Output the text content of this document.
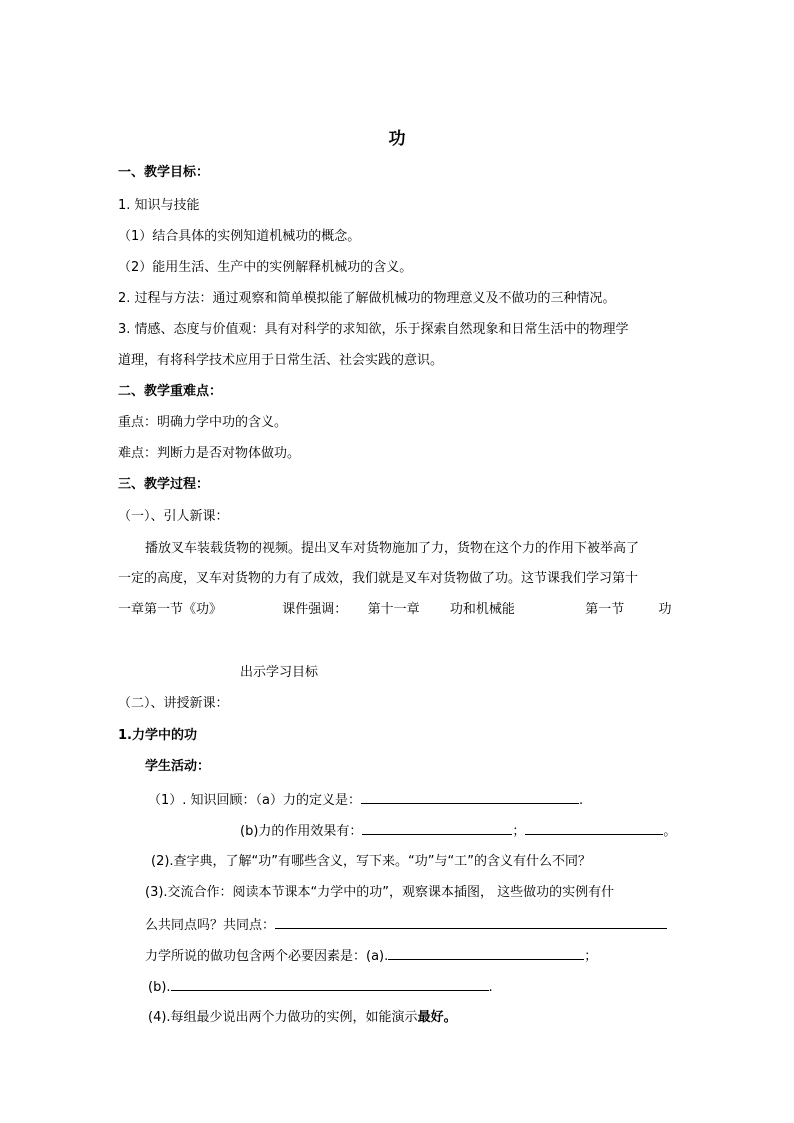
功
一、教学目标：
1. 知识与技能
（1）结合具体的实例知道机械功的概念。
（2）能用生活、生产中的实例解释机械功的含义。
2. 过程与方法：通过观察和简单模拟能了解做机械功的物理意义及不做功的三种情况。
3. 情感、态度与价值观：具有对科学的求知欲，乐于探索自然现象和日常生活中的物理学
道理，有将科学技术应用于日常生活、社会实践的意识。
二、教学重难点：
重点：明确力学中功的含义。
难点：判断力是否对物体做功。
三、教学过程：
（一）、引人新课：
播放叉车装载货物的视频。提出叉车对货物施加了力，货物在这个力的作用下被举高了
一定的高度，叉车对货物的力有了成效，我们就是叉车对货物做了功。这节课我们学习第十
一章第一节《功》	课件强调： 第十一章 功和机械能	第一节	功
出示学习目标
（二）、讲授新课：
1.力学中的功
学生活动：
（1）. 知识回顾：（a）力的定义是：	.
(b)力的作用效果有：	；	。
(2).查字典，了解“功”有哪些含义，写下来。“功”与“工”的含义有什么不同？
(3).交流合作：阅读本节课本“力学中的功”，观察课本插图， 这些做功的实例有什
么共同点吗？共同点：
力学所说的做功包含两个必要因素是：(a).	；
(b).	.
(4).每组最少说出两个力做功的实例，如能演示最好。
